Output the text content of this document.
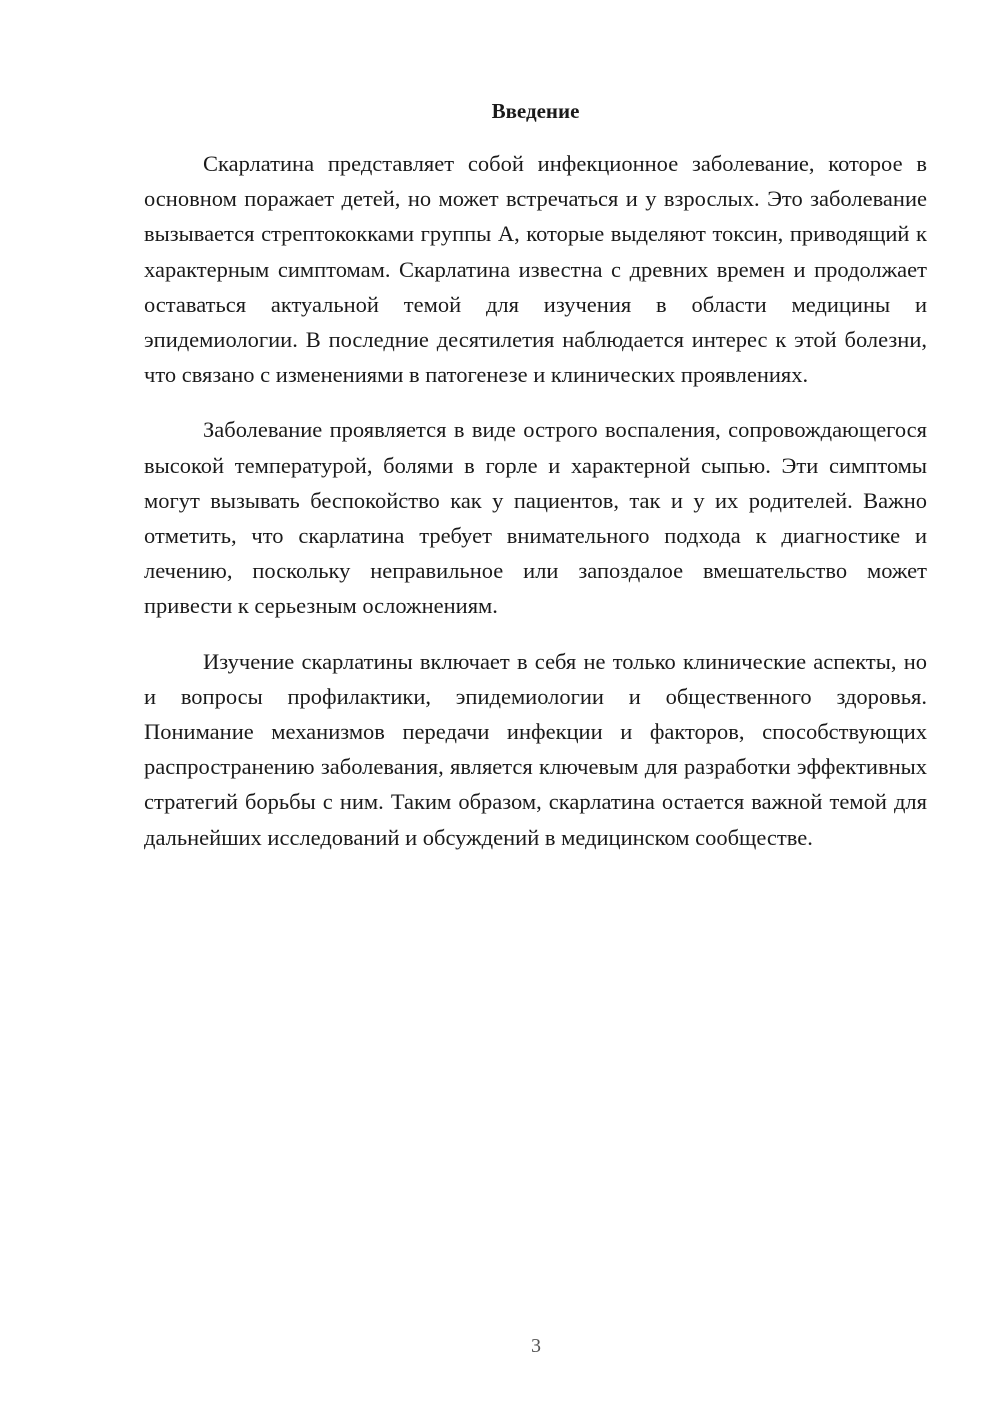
Введение

Скарлатина представляет собой инфекционное заболевание, которое в основном поражает детей, но может встречаться и у взрослых. Это заболевание вызывается стрептококками группы А, которые выделяют токсин, приводящий к характерным симптомам. Скарлатина известна с древних времен и продолжает оставаться актуальной темой для изучения в области медицины и эпидемиологии. В последние десятилетия наблюдается интерес к этой болезни, что связано с изменениями в патогенезе и клинических проявлениях.

Заболевание проявляется в виде острого воспаления, сопровождающегося высокой температурой, болями в горле и характерной сыпью. Эти симптомы могут вызывать беспокойство как у пациентов, так и у их родителей. Важно отметить, что скарлатина требует внимательного подхода к диагностике и лечению, поскольку неправильное или запоздалое вмешательство может привести к серьезным осложнениям.

Изучение скарлатины включает в себя не только клинические аспекты, но и вопросы профилактики, эпидемиологии и общественного здоровья. Понимание механизмов передачи инфекции и факторов, способствующих распространению заболевания, является ключевым для разработки эффективных стратегий борьбы с ним. Таким образом, скарлатина остается важной темой для дальнейших исследований и обсуждений в медицинском сообществе.

3
